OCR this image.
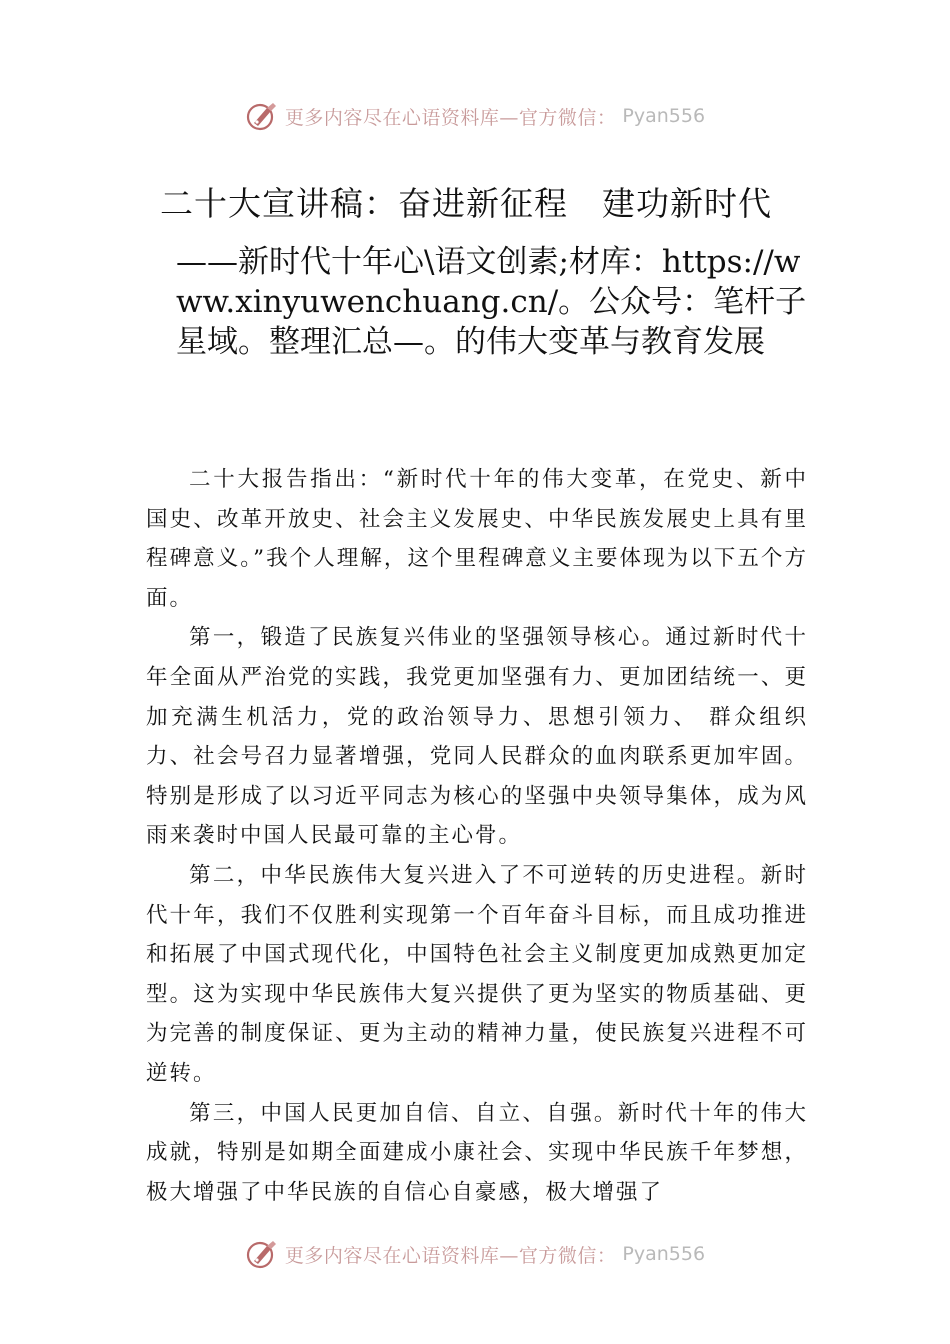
更多内容尽在心语资料库—官方微信： Pyan556
二十大宣讲稿：奋进新征程　建功新时代
——新时代十年心\语文创素;材库：https://www.xinyuwenchuang.cn/。公众号：笔杆子星域。整理汇总—。的伟大变革与教育发展

二十大报告指出：“新时代十年的伟大变革，在党史、新中国史、改革开放史、社会主义发展史、中华民族发展史上具有里程碑意义。”我个人理解，这个里程碑意义主要体现为以下五个方面。

第一，锻造了民族复兴伟业的坚强领导核心。通过新时代十年全面从严治党的实践，我党更加坚强有力、更加团结统一、更加充满生机活力，党的政治领导力、思想引领力、 群众组织力、社会号召力显著增强，党同人民群众的血肉联系更加牢固。特别是形成了以习近平同志为核心的坚强中央领导集体，成为风雨来袭时中国人民最可靠的主心骨。

第二，中华民族伟大复兴进入了不可逆转的历史进程。新时代十年，我们不仅胜利实现第一个百年奋斗目标，而且成功推进和拓展了中国式现代化，中国特色社会主义制度更加成熟更加定型。这为实现中华民族伟大复兴提供了更为坚实的物质基础、更为完善的制度保证、更为主动的精神力量，使民族复兴进程不可逆转。

第三，中国人民更加自信、自立、自强。新时代十年的伟大成就，特别是如期全面建成小康社会、实现中华民族千年梦想，极大增强了中华民族的自信心自豪感，极大增强了

更多内容尽在心语资料库—官方微信： Pyan556
